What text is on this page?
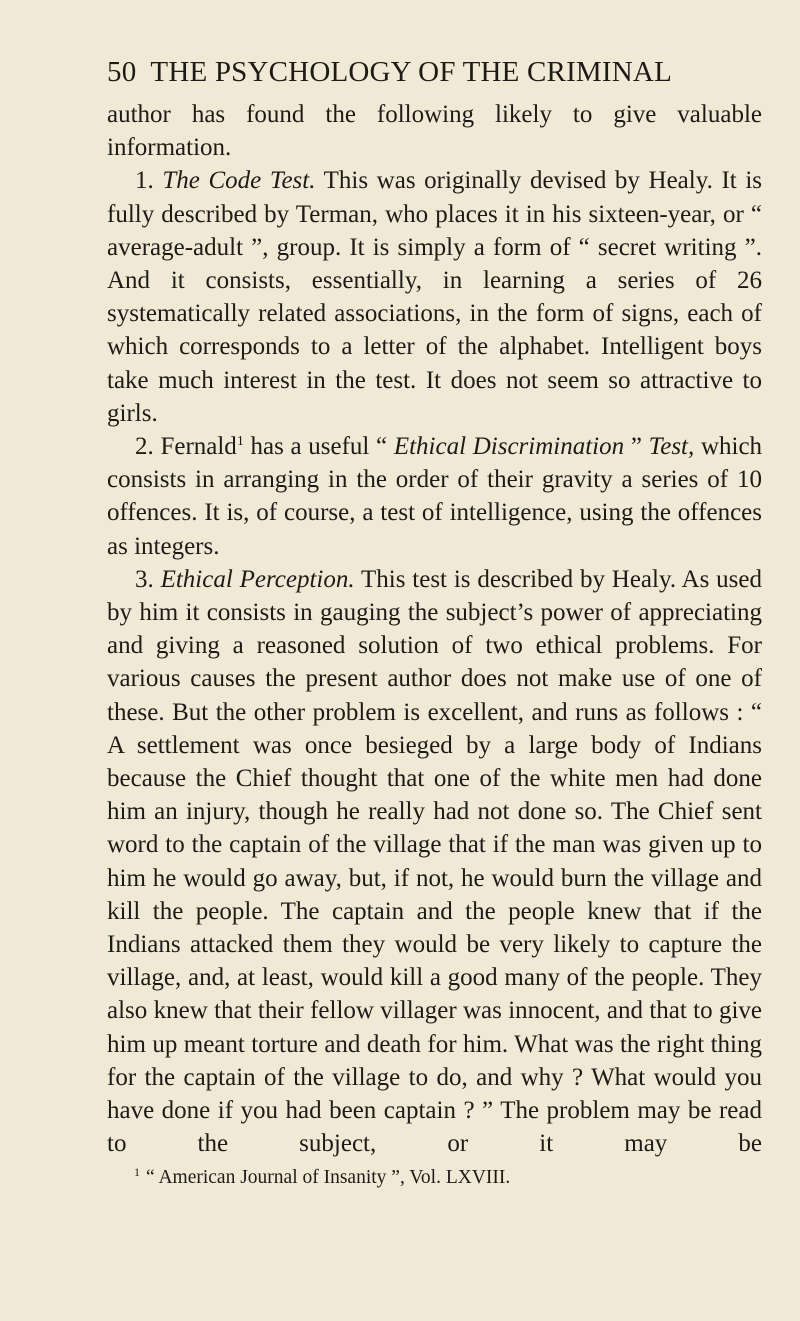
50 THE PSYCHOLOGY OF THE CRIMINAL

author has found the following likely to give valuable information.

1. The Code Test. This was originally devised by Healy. It is fully described by Terman, who places it in his sixteen-year, or “ average-adult ”, group. It is simply a form of “ secret writing ”. And it consists, essentially, in learning a series of 26 systematically related associations, in the form of signs, each of which corresponds to a letter of the alphabet. Intelligent boys take much interest in the test. It does not seem so attractive to girls.

2. Fernald$^1$ has a useful “ Ethical Discrimination ” Test, which consists in arranging in the order of their gravity a series of 10 offences. It is, of course, a test of intelligence, using the offences as integers.

3. Ethical Perception. This test is described by Healy. As used by him it consists in gauging the subject’s power of appreciating and giving a reasoned solution of two ethical problems. For various causes the present author does not make use of one of these. But the other problem is excellent, and runs as follows : “ A settlement was once besieged by a large body of Indians because the Chief thought that one of the white men had done him an injury, though he really had not done so. The Chief sent word to the captain of the village that if the man was given up to him he would go away, but, if not, he would burn the village and kill the people. The captain and the people knew that if the Indians attacked them they would be very likely to capture the village, and, at least, would kill a good many of the people. They also knew that their fellow villager was innocent, and that to give him up meant torture and death for him. What was the right thing for the captain of the village to do, and why ? What would you have done if you had been captain ? ” The problem may be read to the subject, or it may be

$^1$ “ American Journal of Insanity ”, Vol. LXVIII.
